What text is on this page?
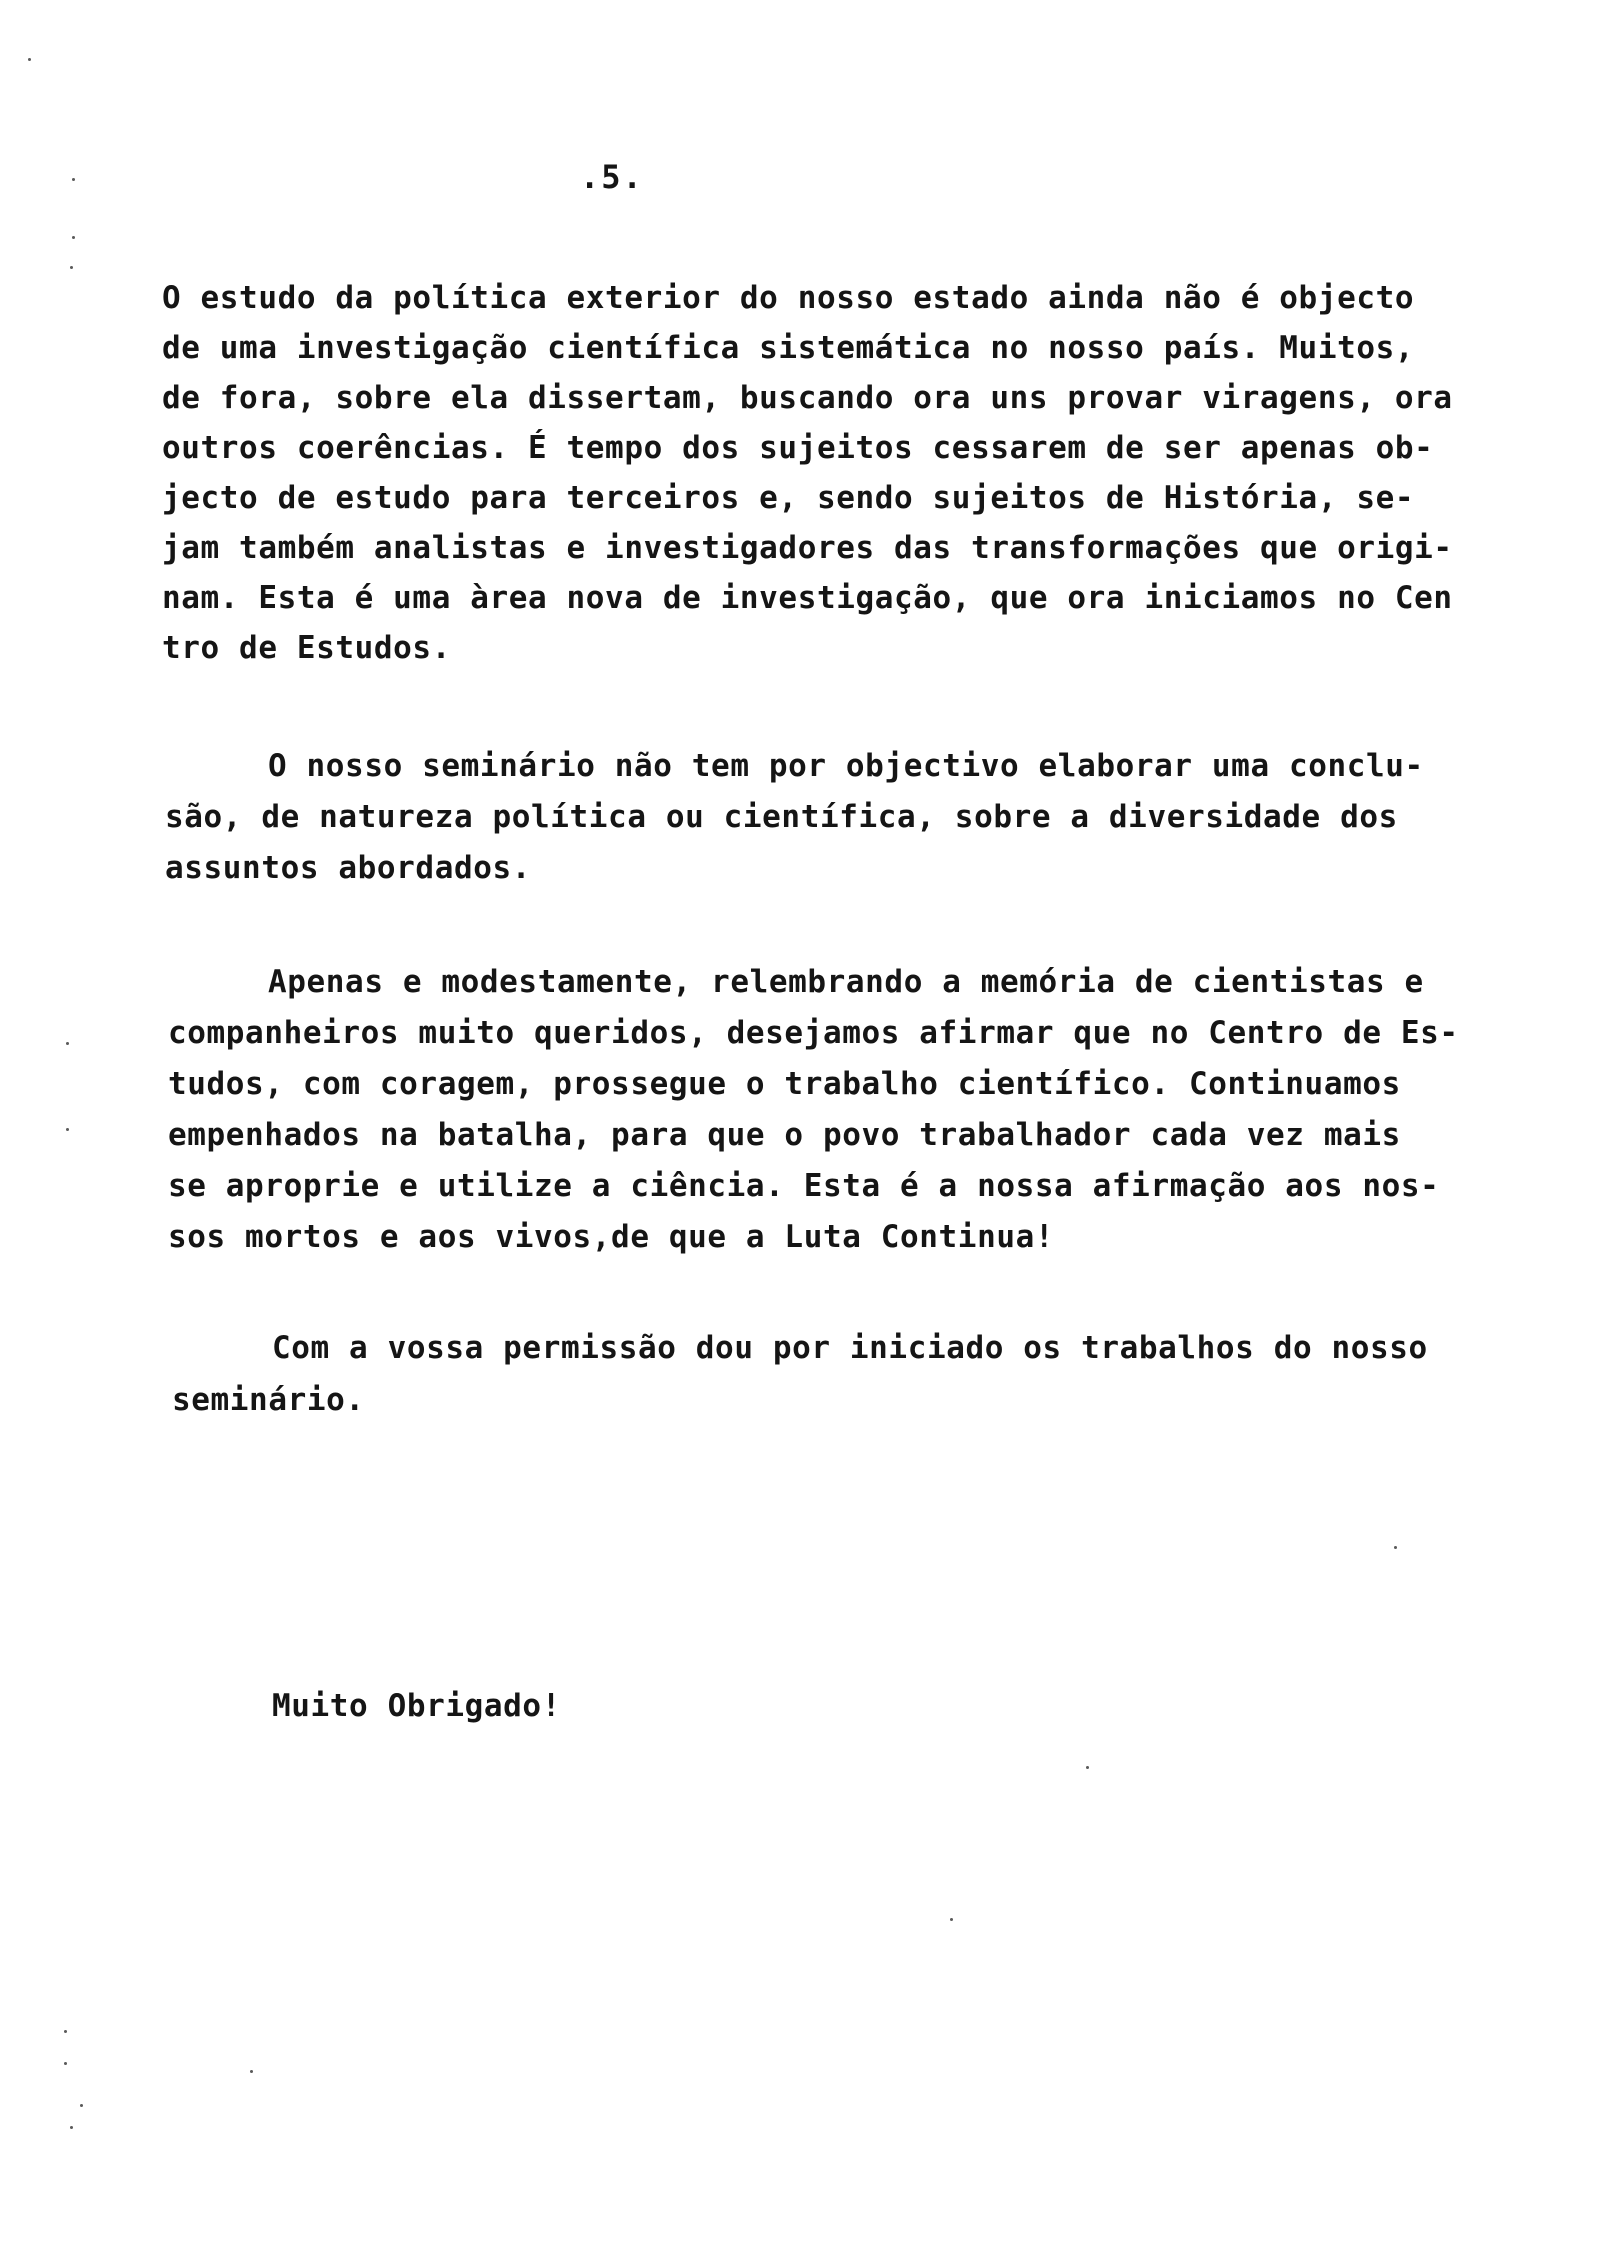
.5.
O estudo da política exterior do nosso estado ainda não é objecto
de uma investigação científica sistemática no nosso país. Muitos,
de fora, sobre ela dissertam, buscando ora uns provar viragens, ora
outros coerências. É tempo dos sujeitos cessarem de ser apenas ob-
jecto de estudo para terceiros e, sendo sujeitos de História, se-
jam também analistas e investigadores das transformações que origi-
nam. Esta é uma àrea nova de investigação, que ora iniciamos no Cen
tro de Estudos.
O nosso seminário não tem por objectivo elaborar uma conclu-
são, de natureza política ou científica, sobre a diversidade dos
assuntos abordados.
Apenas e modestamente, relembrando a memória de cientistas e
companheiros muito queridos, desejamos afirmar que no Centro de Es-
tudos, com coragem, prossegue o trabalho científico. Continuamos
empenhados na batalha, para que o povo trabalhador cada vez mais
se aproprie e utilize a ciência. Esta é a nossa afirmação aos nos-
sos mortos e aos vivos,de que a Luta Continua!
Com a vossa permissão dou por iniciado os trabalhos do nosso
seminário.
Muito Obrigado!
